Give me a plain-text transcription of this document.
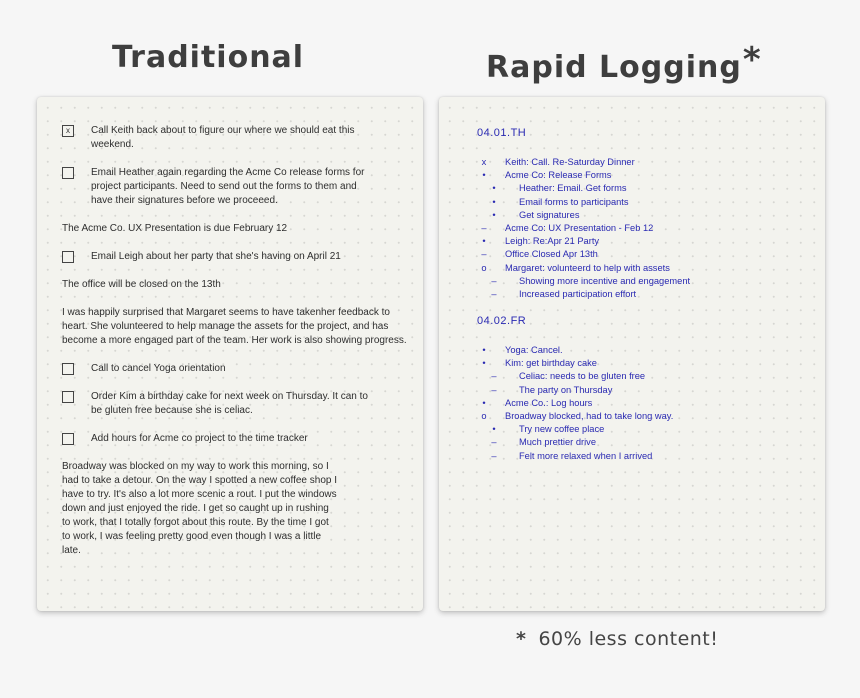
Traditional	Rapid Logging*
x	Call Keith back about to figure our where we should eat this weekend.
Email Heather again regarding the Acme Co release forms for project participants. Need to send out the forms to them and have their signatures before we proceeed.
The Acme Co. UX Presentation is due February 12
Email Leigh about her party that she's having on April 21
The office will be closed on the 13th
I was happily surprised that Margaret seems to have takenher feedback to heart. She volunteered to help manage the assets for the project, and has become a more engaged part of the team. Her work is also showing progress.
Call to cancel Yoga orientation
Order Kim a birthday cake for next week on Thursday. It can to be gluten free because she is celiac.
Add hours for Acme co project to the time tracker
Broadway was blocked on my way to work this morning, so I had to take a detour. On the way I spotted a new coffee shop I have to try. It's also a lot more scenic a rout. I put the windows down and just enjoyed the ride. I get so caught up in rushing to work, that I totally forgot about this route. By the time I got to work, I was feeling pretty good even though I was a little late.
04.01.TH
x	Keith: Call. Re-Saturday Dinner
•	Acme Co: Release Forms
•	Heather: Email. Get forms
•	Email forms to participants
•	Get signatures
–	Acme Co: UX Presentation - Feb 12
•	Leigh: Re:Apr 21 Party
–	Office Closed Apr 13th
o	Margaret: volunteerd to help with assets
–	Showing more incentive and engagement
–	Increased participation effort
04.02.FR
•	Yoga: Cancel.
•	Kim: get birthday cake
–	Celiac: needs to be gluten free
–	The party on Thursday
•	Acme Co.: Log hours
o	Broadway blocked, had to take long way.
•	Try new coffee place
–	Much prettier drive
–	Felt more relaxed when I arrived
* 60% less content!
